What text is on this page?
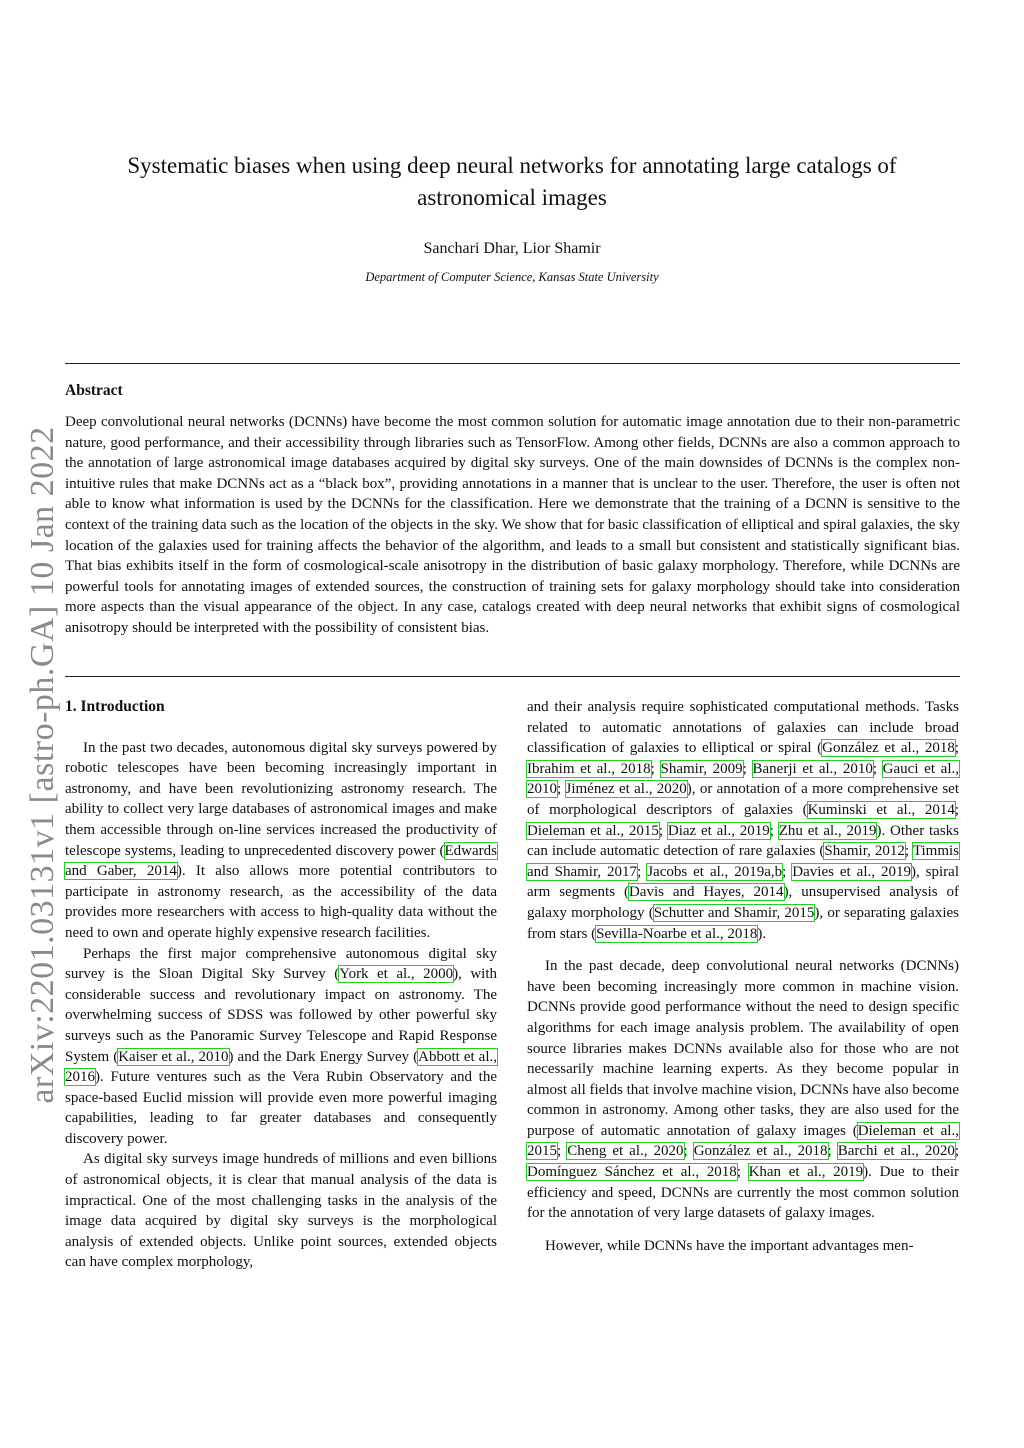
arXiv:2201.03131v1 [astro-ph.GA] 10 Jan 2022
Systematic biases when using deep neural networks for annotating large catalogs of astronomical images
Sanchari Dhar, Lior Shamir
Department of Computer Science, Kansas State University
Abstract
Deep convolutional neural networks (DCNNs) have become the most common solution for automatic image annotation due to their non-parametric nature, good performance, and their accessibility through libraries such as TensorFlow. Among other fields, DCNNs are also a common approach to the annotation of large astronomical image databases acquired by digital sky surveys. One of the main downsides of DCNNs is the complex non-intuitive rules that make DCNNs act as a “black box”, providing annotations in a manner that is unclear to the user. Therefore, the user is often not able to know what information is used by the DCNNs for the classification. Here we demonstrate that the training of a DCNN is sensitive to the context of the training data such as the location of the objects in the sky. We show that for basic classification of elliptical and spiral galaxies, the sky location of the galaxies used for training affects the behavior of the algorithm, and leads to a small but consistent and statistically significant bias. That bias exhibits itself in the form of cosmological-scale anisotropy in the distribution of basic galaxy morphology. Therefore, while DCNNs are powerful tools for annotating images of extended sources, the construction of training sets for galaxy morphology should take into consideration more aspects than the visual appearance of the object. In any case, catalogs created with deep neural networks that exhibit signs of cosmological anisotropy should be interpreted with the possibility of consistent bias.
1. Introduction

In the past two decades, autonomous digital sky surveys powered by robotic telescopes have been becoming increasingly important in astronomy, and have been revolutionizing astronomy research. The ability to collect very large databases of astronomical images and make them accessible through on-line services increased the productivity of telescope systems, leading to unprecedented discovery power (Edwards and Gaber, 2014). It also allows more potential contributors to participate in astronomy research, as the accessibility of the data provides more researchers with access to high-quality data without the need to own and operate highly expensive research facilities.

Perhaps the first major comprehensive autonomous digital sky survey is the Sloan Digital Sky Survey (York et al., 2000), with considerable success and revolutionary impact on astronomy. The overwhelming success of SDSS was followed by other powerful sky surveys such as the Panoramic Survey Telescope and Rapid Response System (Kaiser et al., 2010) and the Dark Energy Survey (Abbott et al., 2016). Future ventures such as the Vera Rubin Observatory and the space-based Euclid mission will provide even more powerful imaging capabilities, leading to far greater databases and consequently discovery power.

As digital sky surveys image hundreds of millions and even billions of astronomical objects, it is clear that manual analysis of the data is impractical. One of the most challenging tasks in the analysis of the image data acquired by digital sky surveys is the morphological analysis of extended objects. Unlike point sources, extended objects can have complex morphology,

and their analysis require sophisticated computational methods. Tasks related to automatic annotations of galaxies can include broad classification of galaxies to elliptical or spiral (González et al., 2018; Ibrahim et al., 2018; Shamir, 2009; Banerji et al., 2010; Gauci et al., 2010; Jiménez et al., 2020), or annotation of a more comprehensive set of morphological descriptors of galaxies (Kuminski et al., 2014; Dieleman et al., 2015; Diaz et al., 2019; Zhu et al., 2019). Other tasks can include automatic detection of rare galaxies (Shamir, 2012; Timmis and Shamir, 2017; Jacobs et al., 2019a,b; Davies et al., 2019), spiral arm segments (Davis and Hayes, 2014), unsupervised analysis of galaxy morphology (Schutter and Shamir, 2015), or separating galaxies from stars (Sevilla-Noarbe et al., 2018).

In the past decade, deep convolutional neural networks (DCNNs) have been becoming increasingly more common in machine vision. DCNNs provide good performance without the need to design specific algorithms for each image analysis problem. The availability of open source libraries makes DCNNs available also for those who are not necessarily machine learning experts. As they become popular in almost all fields that involve machine vision, DCNNs have also become common in astronomy. Among other tasks, they are also used for the purpose of automatic annotation of galaxy images (Dieleman et al., 2015; Cheng et al., 2020; González et al., 2018; Barchi et al., 2020; Domínguez Sánchez et al., 2018; Khan et al., 2019). Due to their efficiency and speed, DCNNs are currently the most common solution for the annotation of very large datasets of galaxy images.

However, while DCNNs have the important advantages men-
